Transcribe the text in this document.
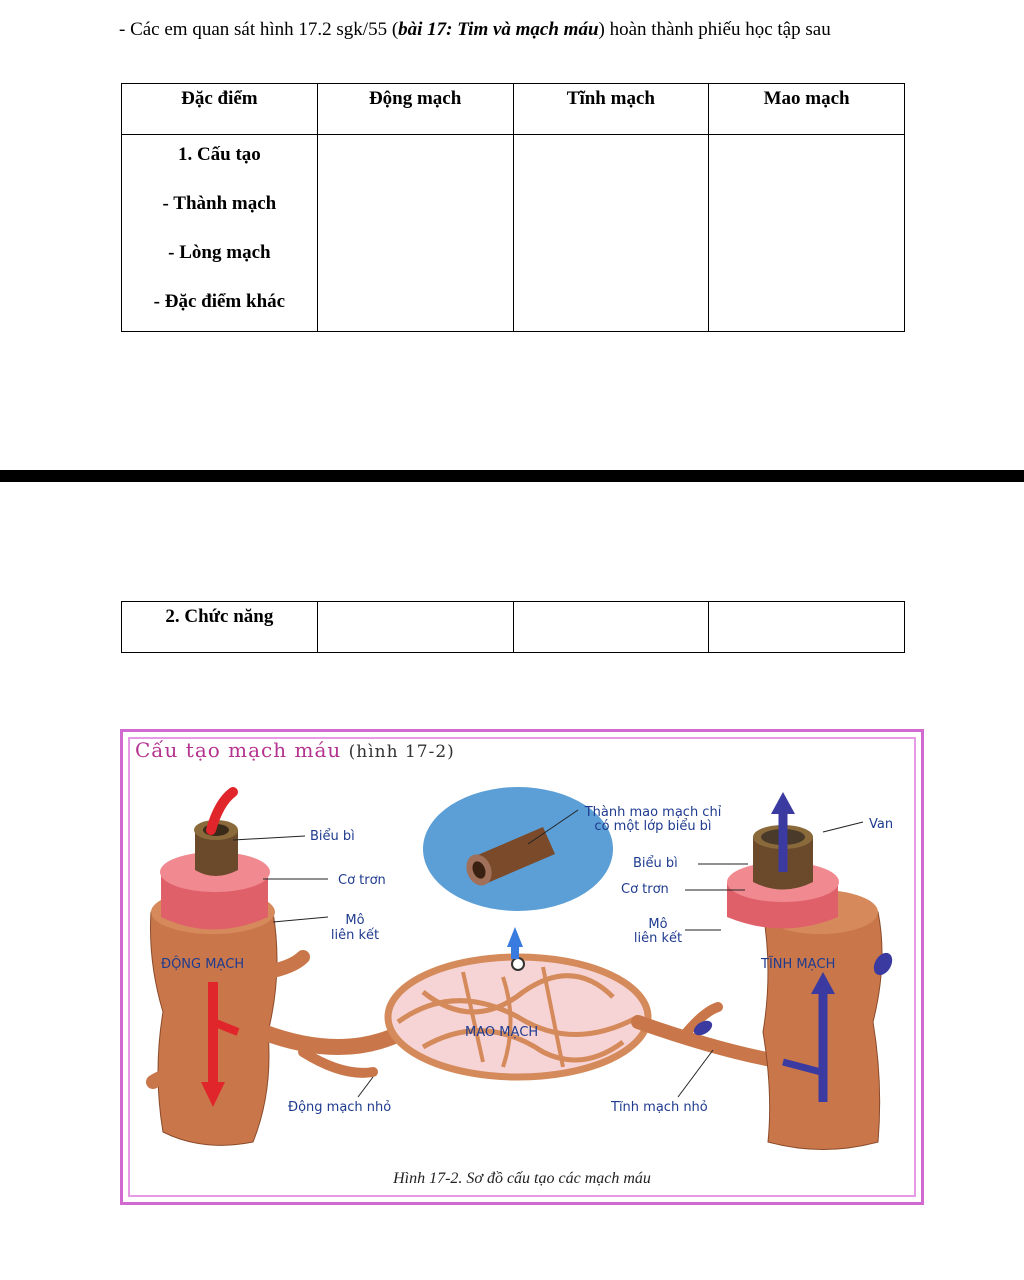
- Các em quan sát hình 17.2 sgk/55 (bài 17: Tim và mạch máu) hoàn thành phiếu học tập sau
Đặc điểm	Động mạch	Tĩnh mạch	Mao mạch

1. Cấu tạo
- Thành mạch
- Lòng mạch
- Đặc điểm khác			

2. Chức năng			
Cấu tạo mạch máu (hình 17-2)
Biểu bì
Cơ trơn
Mô
liên kết
ĐỘNG MẠCH
Thành mao mạch chỉ
có một lớp biểu bì	Van
Biểu bì
Cơ trơn
Mô
liên kết
TĨNH MẠCH
MAO MẠCH
Động mạch nhỏ	Tĩnh mạch nhỏ
Hình 17-2. Sơ đồ cấu tạo các mạch máu
